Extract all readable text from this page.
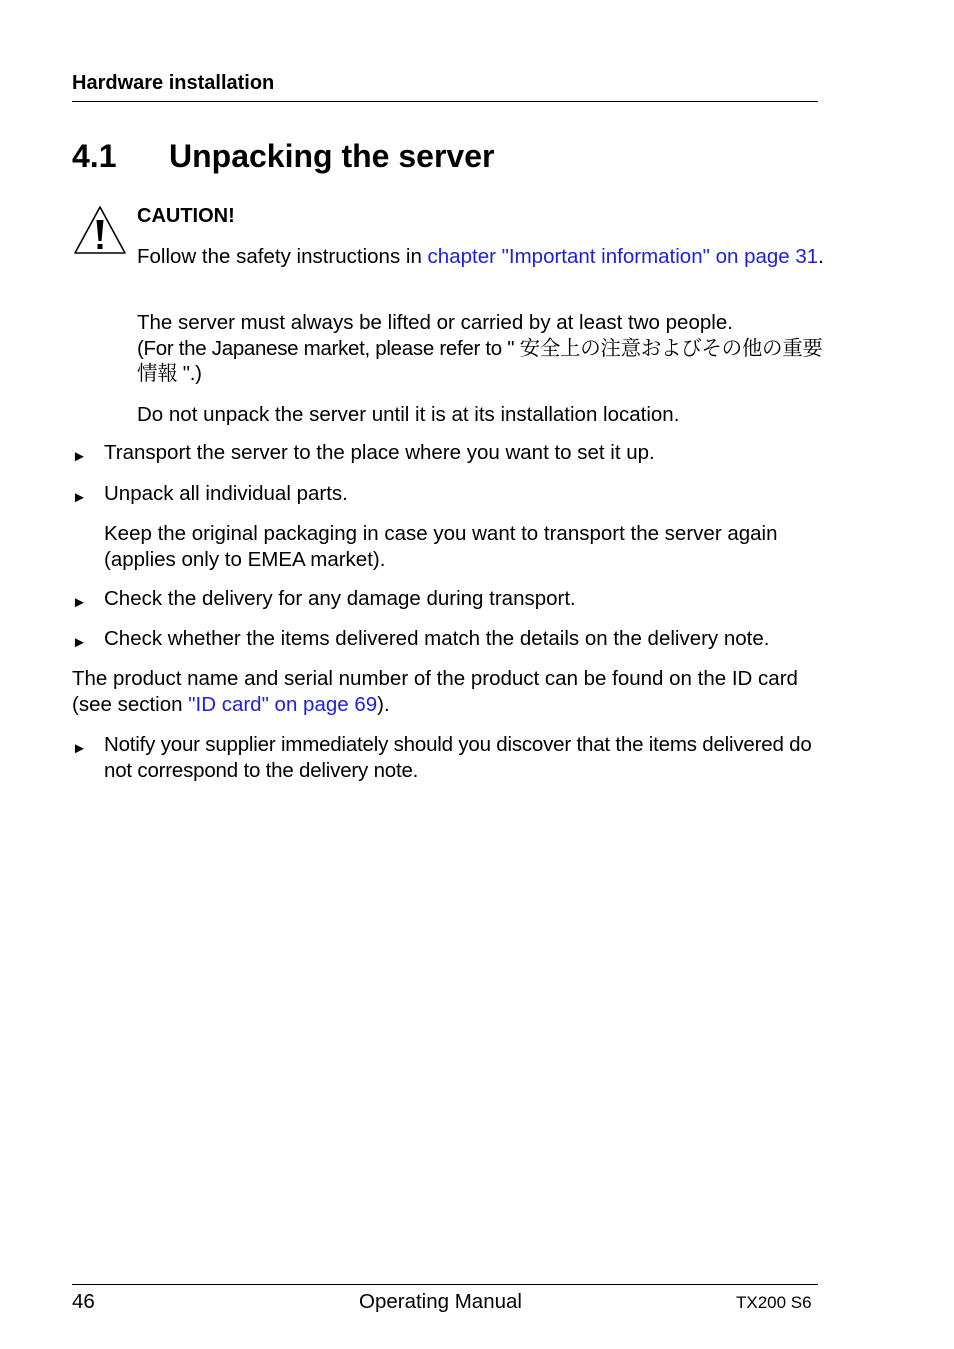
Hardware installation
4.1 Unpacking the server
CAUTION!
Follow the safety instructions in chapter "Important information" on page 31.
The server must always be lifted or carried by at least two people.
(For the Japanese market, please refer to " 安全上の注意およびその他の重要情報 ".)
Do not unpack the server until it is at its installation location.
► Transport the server to the place where you want to set it up.
► Unpack all individual parts.
Keep the original packaging in case you want to transport the server again (applies only to EMEA market).
► Check the delivery for any damage during transport.
► Check whether the items delivered match the details on the delivery note.
The product name and serial number of the product can be found on the ID card (see section "ID card" on page 69).
► Notify your supplier immediately should you discover that the items delivered do not correspond to the delivery note.
46	Operating Manual	TX200 S6
